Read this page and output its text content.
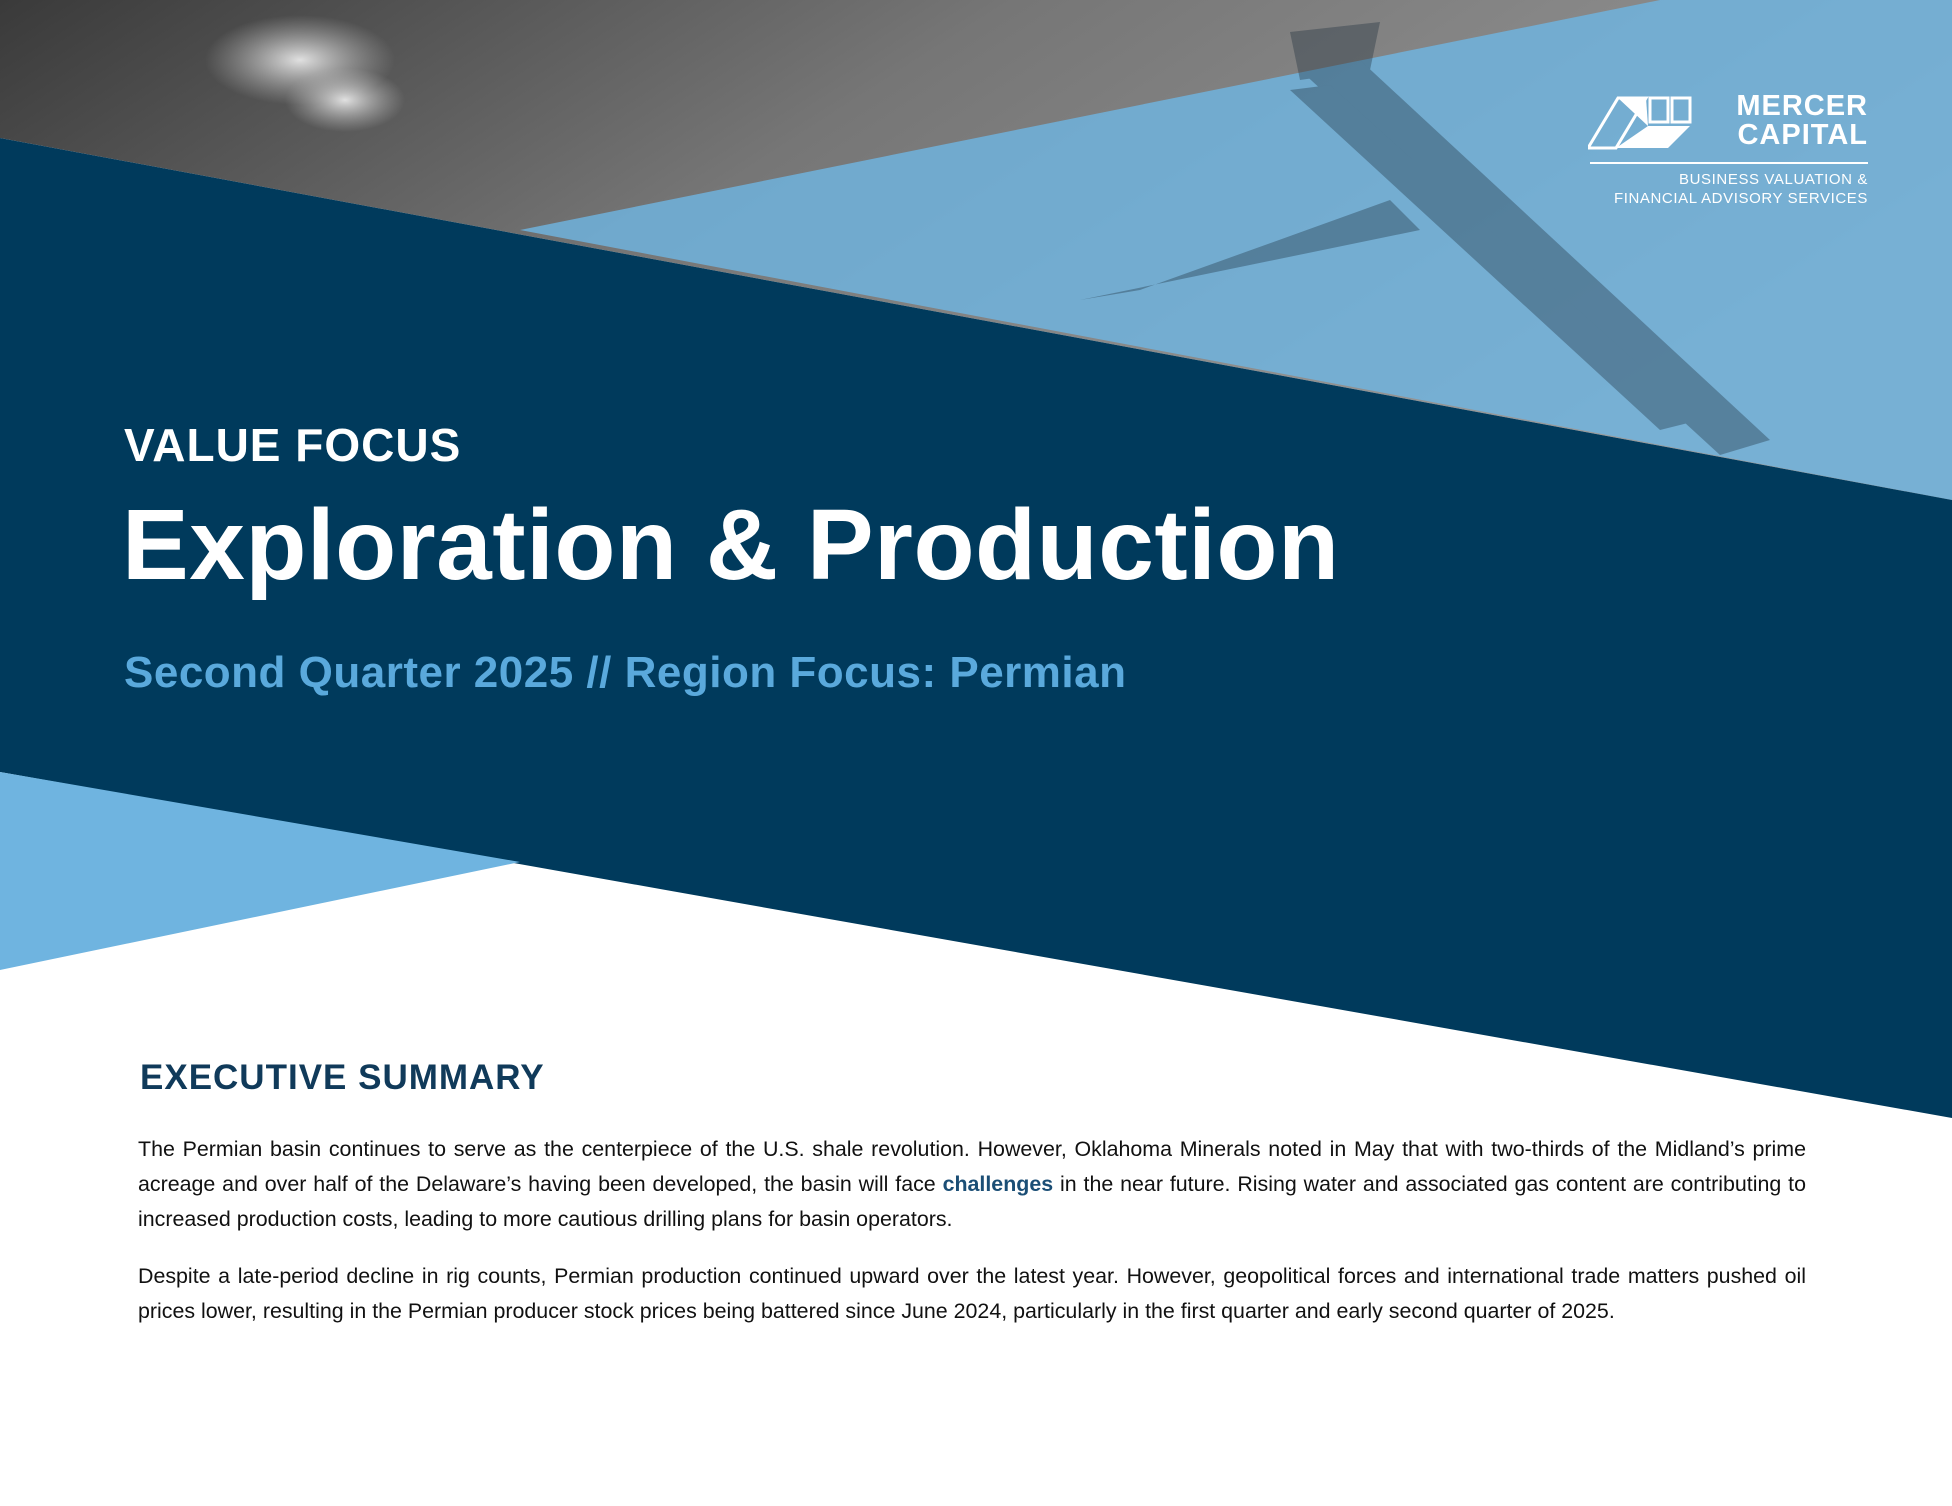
MERCER
CAPITAL
BUSINESS VALUATION &
FINANCIAL ADVISORY SERVICES
VALUE FOCUS
Exploration & Production
Second Quarter 2025 // Region Focus: Permian
EXECUTIVE SUMMARY

The Permian basin continues to serve as the centerpiece of the U.S. shale revolution. However, Oklahoma Minerals noted in May that with two-thirds of the Midland’s prime acreage and over half of the Delaware’s having been developed, the basin will face challenges in the near future. Rising water and associated gas content are contributing to increased production costs, leading to more cautious drilling plans for basin operators.

Despite a late-period decline in rig counts, Permian production continued upward over the latest year. However, geopolitical forces and international trade matters pushed oil prices lower, resulting in the Permian producer stock prices being battered since June 2024, particularly in the first quarter and early second quarter of 2025.
